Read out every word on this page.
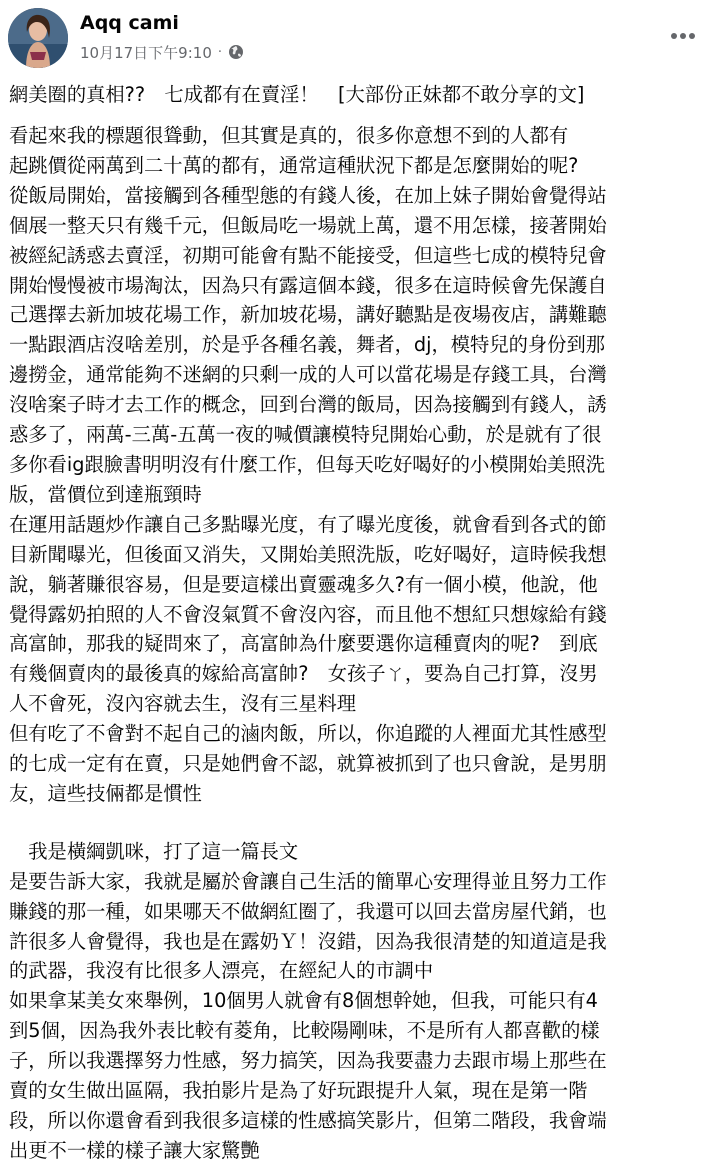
Aqq cami
10月17日下午9:10 ·

網美圈的真相??　七成都有在賣淫！　[大部份正妹都不敢分享的文]

看起來我的標題很聳動，但其實是真的，很多你意想不到的人都有
起跳價從兩萬到二十萬的都有，通常這種狀況下都是怎麼開始的呢?
從飯局開始，當接觸到各種型態的有錢人後，在加上妹子開始會覺得站
個展一整天只有幾千元，但飯局吃一場就上萬，還不用怎樣，接著開始
被經紀誘惑去賣淫，初期可能會有點不能接受，但這些七成的模特兒會
開始慢慢被市場淘汰，因為只有露這個本錢，很多在這時候會先保護自
己選擇去新加坡花場工作，新加坡花場，講好聽點是夜場夜店，講難聽
一點跟酒店沒啥差別，於是乎各種名義，舞者，dj，模特兒的身份到那
邊撈金，通常能夠不迷網的只剩一成的人可以當花場是存錢工具，台灣
沒啥案子時才去工作的概念，回到台灣的飯局，因為接觸到有錢人，誘
惑多了，兩萬-三萬-五萬一夜的喊價讓模特兒開始心動，於是就有了很
多你看ig跟臉書明明沒有什麼工作，但每天吃好喝好的小模開始美照洗
版，當價位到達瓶頸時

在運用話題炒作讓自己多點曝光度，有了曝光度後，就會看到各式的節
目新聞曝光，但後面又消失，又開始美照洗版，吃好喝好，這時候我想
說，躺著賺很容易，但是要這樣出賣靈魂多久?有一個小模，他說，他
覺得露奶拍照的人不會沒氣質不會沒內容，而且他不想紅只想嫁給有錢
高富帥，那我的疑問來了，高富帥為什麼要選你這種賣肉的呢?　到底
有幾個賣肉的最後真的嫁給高富帥?　女孩子ㄚ，要為自己打算，沒男
人不會死，沒內容就去生，沒有三星料理

但有吃了不會對不起自己的滷肉飯，所以，你追蹤的人裡面尤其性感型
的七成一定有在賣，只是她們會不認，就算被抓到了也只會說，是男朋
友，這些技倆都是慣性

　我是橫綱凱咪，打了這一篇長文
是要告訴大家，我就是屬於會讓自己生活的簡單心安理得並且努力工作
賺錢的那一種，如果哪天不做網紅圈了，我還可以回去當房屋代銷，也
許很多人會覺得，我也是在露奶Ｙ！沒錯，因為我很清楚的知道這是我
的武器，我沒有比很多人漂亮，在經紀人的市調中
如果拿某美女來舉例，10個男人就會有8個想幹她，但我，可能只有4
到5個，因為我外表比較有菱角，比較陽剛味，不是所有人都喜歡的樣
子，所以我選擇努力性感，努力搞笑，因為我要盡力去跟市場上那些在
賣的女生做出區隔，我拍影片是為了好玩跟提升人氣，現在是第一階
段，所以你還會看到我很多這樣的性感搞笑影片，但第二階段，我會端
出更不一樣的樣子讓大家驚艷
